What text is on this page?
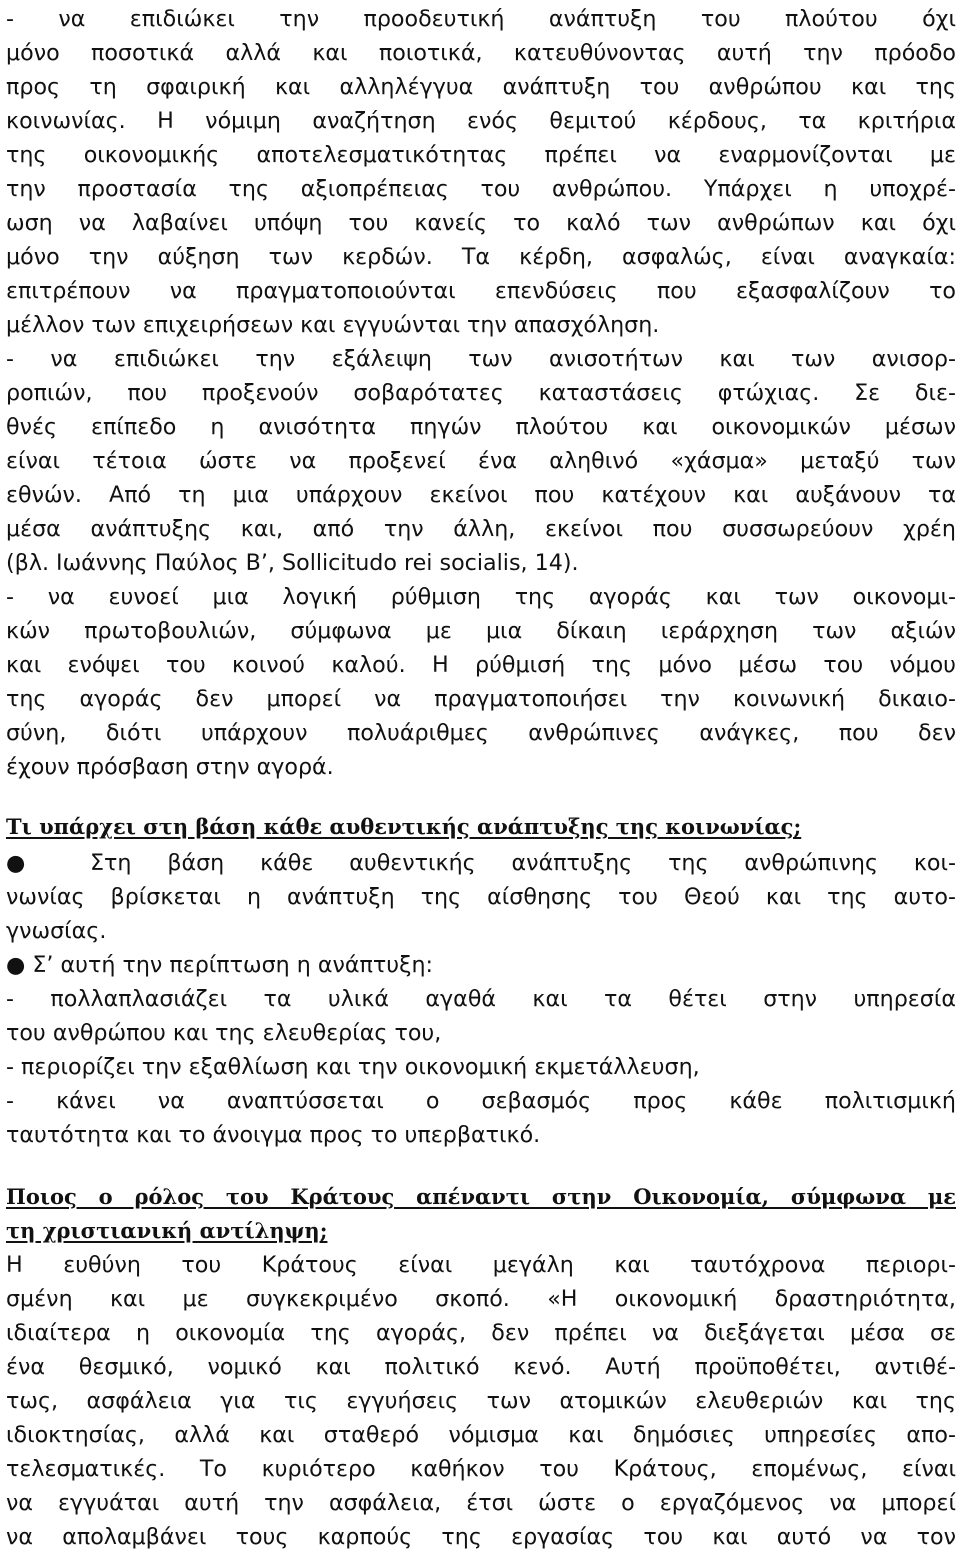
- να επιδιώκει την προοδευτική ανάπτυξη του πλούτου όχι
μόνο ποσοτικά αλλά και ποιοτικά, κατευθύνοντας αυτή την πρόοδο
προς τη σφαιρική και αλληλέγγυα ανάπτυξη του ανθρώπου και της
κοινωνίας. Η νόμιμη αναζήτηση ενός θεμιτού κέρδους, τα κριτήρια
της οικονομικής αποτελεσματικότητας πρέπει να εναρμονίζονται με
την προστασία της αξιοπρέπειας του ανθρώπου. Υπάρχει η υποχρέ-
ωση να λαβαίνει υπόψη του κανείς το καλό των ανθρώπων και όχι
μόνο την αύξηση των κερδών. Τα κέρδη, ασφαλώς, είναι αναγκαία:
επιτρέπουν να πραγματοποιούνται επενδύσεις που εξασφαλίζουν το
μέλλον των επιχειρήσεων και εγγυώνται την απασχόληση.
- να επιδιώκει την εξάλειψη των ανισοτήτων και των ανισορ-
ροπιών, που προξενούν σοβαρότατες καταστάσεις φτώχιας. Σε διε-
θνές επίπεδο η ανισότητα πηγών πλούτου και οικονομικών μέσων
είναι τέτοια ώστε να προξενεί ένα αληθινό «χάσμα» μεταξύ των
εθνών. Από τη μια υπάρχουν εκείνοι που κατέχουν και αυξάνουν τα
μέσα ανάπτυξης και, από την άλλη, εκείνοι που συσσωρεύουν χρέη
(βλ. Ιωάννης Παύλος Β’, Sollicitudo rei socialis, 14).
- να ευνοεί μια λογική ρύθμιση της αγοράς και των οικονομι-
κών πρωτοβουλιών, σύμφωνα με μια δίκαιη ιεράρχηση των αξιών
και ενόψει του κοινού καλού. Η ρύθμισή της μόνο μέσω του νόμου
της αγοράς δεν μπορεί να πραγματοποιήσει την κοινωνική δικαιο-
σύνη, διότι υπάρχουν πολυάριθμες ανθρώπινες ανάγκες, που δεν
έχουν πρόσβαση στην αγορά.
Τι υπάρχει στη βάση κάθε αυθεντικής ανάπτυξης της κοινωνίας;
● Στη βάση κάθε αυθεντικής ανάπτυξης της ανθρώπινης κοι-
νωνίας βρίσκεται η ανάπτυξη της αίσθησης του Θεού και της αυτο-
γνωσίας.
● Σ’ αυτή την περίπτωση η ανάπτυξη:
- πολλαπλασιάζει τα υλικά αγαθά και τα θέτει στην υπηρεσία
του ανθρώπου και της ελευθερίας του,
- περιορίζει την εξαθλίωση και την οικονομική εκμετάλλευση,
- κάνει να αναπτύσσεται ο σεβασμός προς κάθε πολιτισμική
ταυτότητα και το άνοιγμα προς το υπερβατικό.
Ποιος ο ρόλος του Κράτους απέναντι στην Οικονομία, σύμφωνα με
τη χριστιανική αντίληψη;
Η ευθύνη του Κράτους είναι μεγάλη και ταυτόχρονα περιορι-
σμένη και με συγκεκριμένο σκοπό. «Η οικονομική δραστηριότητα,
ιδιαίτερα η οικονομία της αγοράς, δεν πρέπει να διεξάγεται μέσα σε
ένα θεσμικό, νομικό και πολιτικό κενό. Αυτή προϋποθέτει, αντιθέ-
τως, ασφάλεια για τις εγγυήσεις των ατομικών ελευθεριών και της
ιδιοκτησίας, αλλά και σταθερό νόμισμα και δημόσιες υπηρεσίες απο-
τελεσματικές. Το κυριότερο καθήκον του Κράτους, επομένως, είναι
να εγγυάται αυτή την ασφάλεια, έτσι ώστε ο εργαζόμενος να μπορεί
να απολαμβάνει τους καρπούς της εργασίας του και αυτό να τον
